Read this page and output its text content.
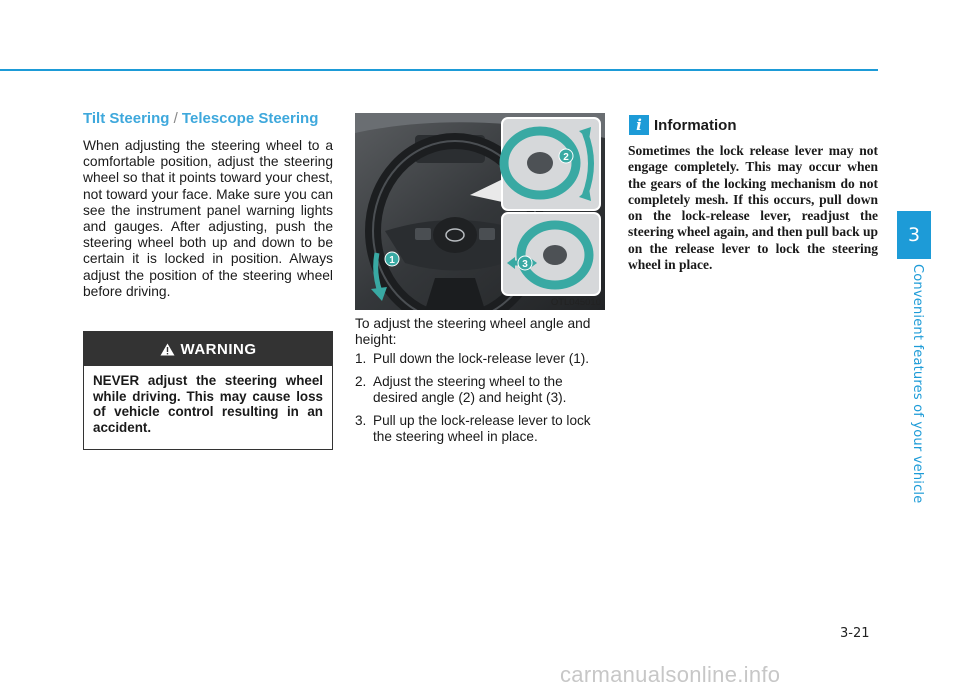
3
Convenient features of your vehicle
Tilt Steering / Telescope Steering

When adjusting the steering wheel to a comfortable position, adjust the steering wheel so that it points toward your chest, not toward your face. Make sure you can see the instrument panel warning lights and gauges. After adjusting, push the steering wheel both up and down to be certain it is locked in position. Always adjust the position of the steering wheel before driving.

WARNING

NEVER adjust the steering wheel while driving. This may cause loss of vehicle control resulting in an accident.

1
2
3
OTL045010

To adjust the steering wheel angle and height:

1. Pull down the lock-release lever (1).
2. Adjust the steering wheel to the desired angle (2) and height (3).
3. Pull up the lock-release lever to lock the steering wheel in place.
i Information

Sometimes the lock release lever may not engage completely. This may occur when the gears of the locking mechanism do not completely mesh. If this occurs, pull down on the lock-release lever, readjust the steering wheel again, and then pull back up on the release lever to lock the steering wheel in place.

3-21
carmanualsonline.info
